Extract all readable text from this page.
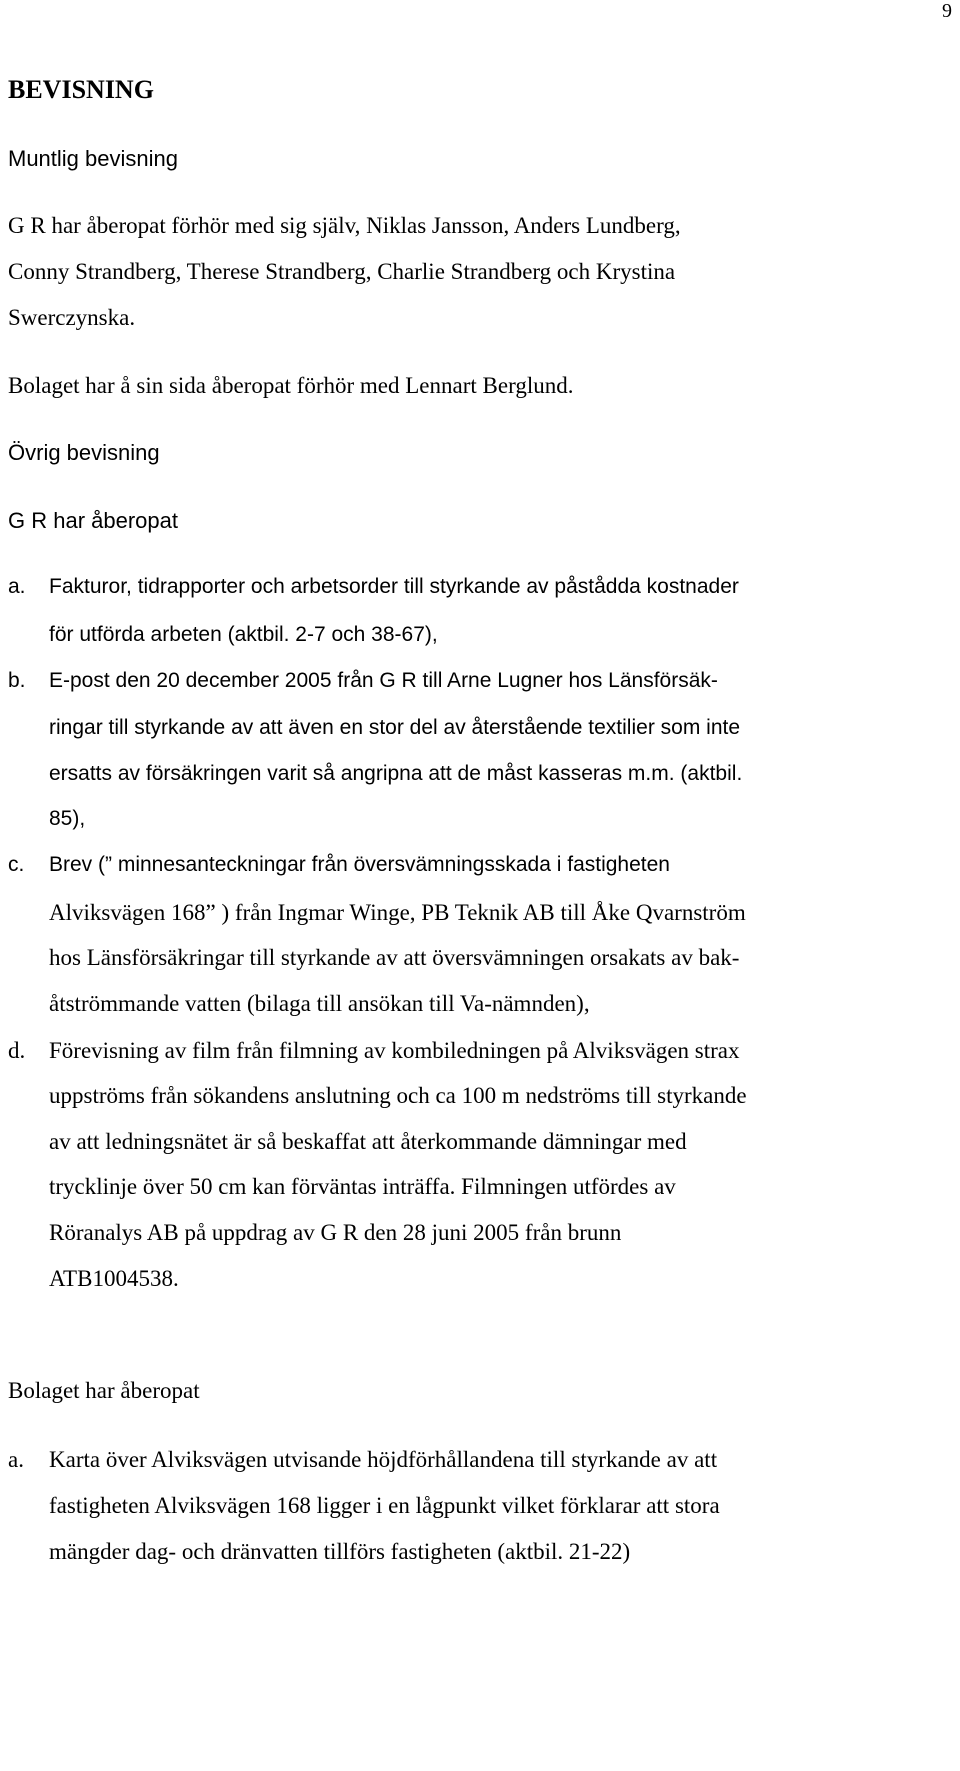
9
BEVISNING
Muntlig bevisning
G R har åberopat förhör med sig själv, Niklas Jansson, Anders Lundberg,
Conny Strandberg, Therese Strandberg, Charlie Strandberg och Krystina
Swerczynska.
Bolaget har å sin sida åberopat förhör med Lennart Berglund.
Övrig bevisning
G R har åberopat
a. Fakturor, tidrapporter och arbetsorder till styrkande av påstådda kostnader
för utförda arbeten (aktbil. 2-7 och 38-67),
b. E-post den 20 december 2005 från G R till Arne Lugner hos Länsförsäk-
ringar till styrkande av att även en stor del av återstående textilier som inte
ersatts av försäkringen varit så angripna att de måst kasseras m.m. (aktbil.
85),
c. Brev (” minnesanteckningar från översvämningsskada i fastigheten
Alviksvägen 168” ) från Ingmar Winge, PB Teknik AB till Åke Qvarnström
hos Länsförsäkringar till styrkande av att översvämningen orsakats av bak-
åtströmmande vatten (bilaga till ansökan till Va-nämnden),
d. Förevisning av film från filmning av kombiledningen på Alviksvägen strax
uppströms från sökandens anslutning och ca 100 m nedströms till styrkande
av att ledningsnätet är så beskaffat att återkommande dämningar med
trycklinje över 50 cm kan förväntas inträffa. Filmningen utfördes av
Röranalys AB på uppdrag av G R den 28 juni 2005 från brunn
ATB1004538.
Bolaget har åberopat
a. Karta över Alviksvägen utvisande höjdförhållandena till styrkande av att
fastigheten Alviksvägen 168 ligger i en lågpunkt vilket förklarar att stora
mängder dag- och dränvatten tillförs fastigheten (aktbil. 21-22)
